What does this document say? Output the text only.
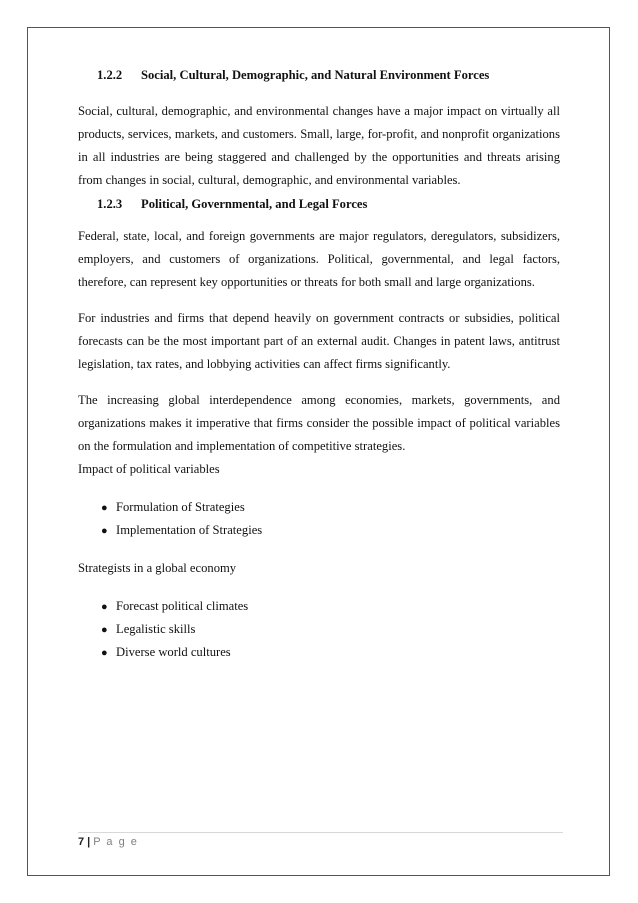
1.2.2	Social, Cultural, Demographic, and Natural Environment Forces

Social, cultural, demographic, and environmental changes have a major impact on virtually all products, services, markets, and customers. Small, large, for-profit, and nonprofit organizations in all industries are being staggered and challenged by the opportunities and threats arising from changes in social, cultural, demographic, and environmental variables.

1.2.3	Political, Governmental, and Legal Forces

Federal, state, local, and foreign governments are major regulators, deregulators, subsidizers, employers, and customers of organizations. Political, governmental, and legal factors, therefore, can represent key opportunities or threats for both small and large organizations.

For industries and firms that depend heavily on government contracts or subsidies, political forecasts can be the most important part of an external audit. Changes in patent laws, antitrust legislation, tax rates, and lobbying activities can affect firms significantly.

The increasing global interdependence among economies, markets, governments, and organizations makes it imperative that firms consider the possible impact of political variables on the formulation and implementation of competitive strategies.

Impact of political variables

● Formulation of Strategies
● Implementation of Strategies

Strategists in a global economy

● Forecast political climates
● Legalistic skills
● Diverse world cultures
7 | P a g e
